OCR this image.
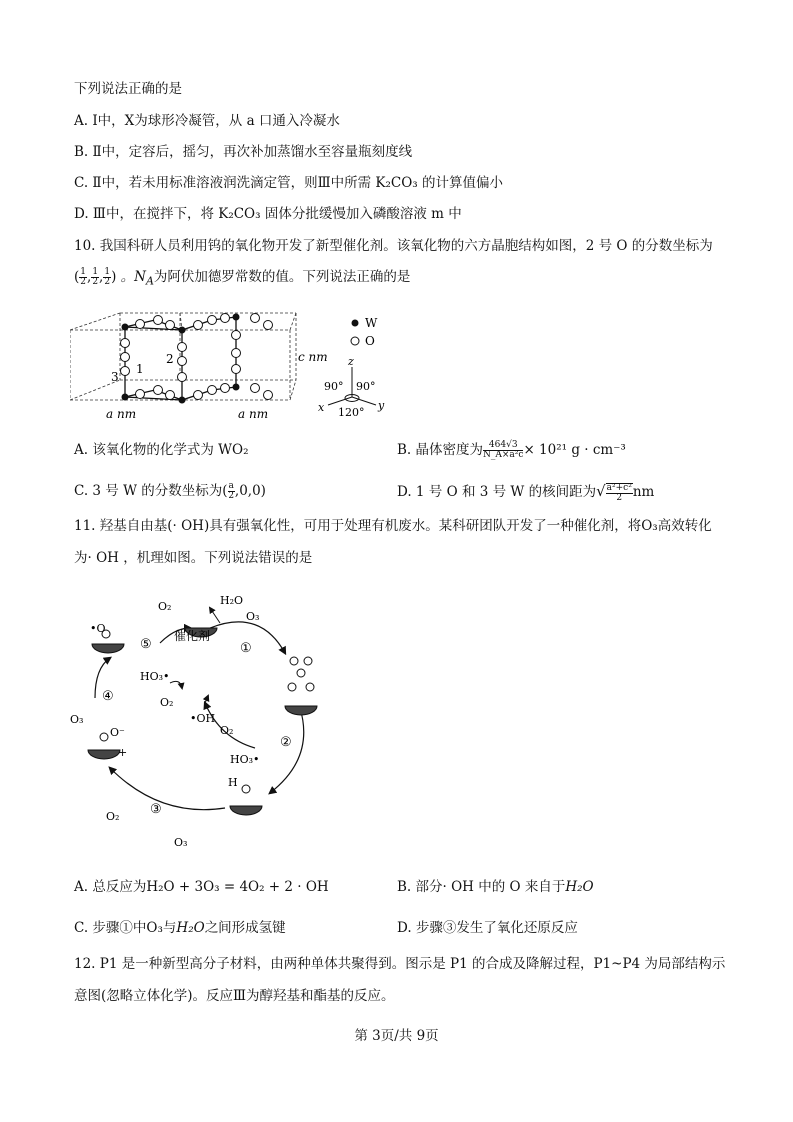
下列说法正确的是
A. Ⅰ中，X为球形冷凝管，从 a 口通入冷凝水
B. Ⅱ中，定容后，摇匀，再次补加蒸馏水至容量瓶刻度线
C. Ⅱ中，若未用标准溶液润洗滴定管，则Ⅲ中所需 K₂CO₃ 的计算值偏小
D. Ⅲ中，在搅拌下，将 K₂CO₃ 固体分批缓慢加入磷酸溶液 m 中
10. 我国科研人员利用钨的氧化物开发了新型催化剂。该氧化物的六方晶胞结构如图，2 号 O 的分数坐标为
( $\frac{1}{2}$ , $\frac{1}{2}$ , $\frac{1}{2}$ ) 。$N_A$为阿伏加德罗常数的值。下列说法正确的是
1
2
3
c nm
a nm	a nm
W
O
z
x	y
90° 90°
120°
A. 该氧化物的化学式为 WO₂	B. 晶体密度为 $\frac{464√3}{\text{N\_A×a²c}} \times 10^{21}$ g · cm⁻³
C. 3 号 W 的分数坐标为( $\frac{a}{2} ,0,0$)	D. 1 号 O 和 3 号 W 的核间距为√ $\frac{\text{a²+c²}}{2}$ nm
11. 羟基自由基(· OH)具有强氧化性，可用于处理有机废水。某科研团队开发了一种催化剂，将O₃高效转化
为· OH ，机理如图。下列说法错误的是
催化剂
①
②
③
④
⑤
O₂	H₂O
O₃
HO₃•
O₂
•OH
O₂
HO₃•
O₃
O₂
O₃
•O
H
O⁻
+
A. 总反应为H₂O + 3O₃ = 4O₂ + 2 · OH	B. 部分· OH 中的 O 来自于H₂O
C. 步骤①中O₃与H₂O之间形成氢键	D. 步骤③发生了氧化还原反应
12. P1 是一种新型高分子材料，由两种单体共聚得到。图示是 P1 的合成及降解过程，P1~P4 为局部结构示
意图(忽略立体化学)。反应Ⅲ为醇羟基和酯基的反应。
第 3页/共 9页
